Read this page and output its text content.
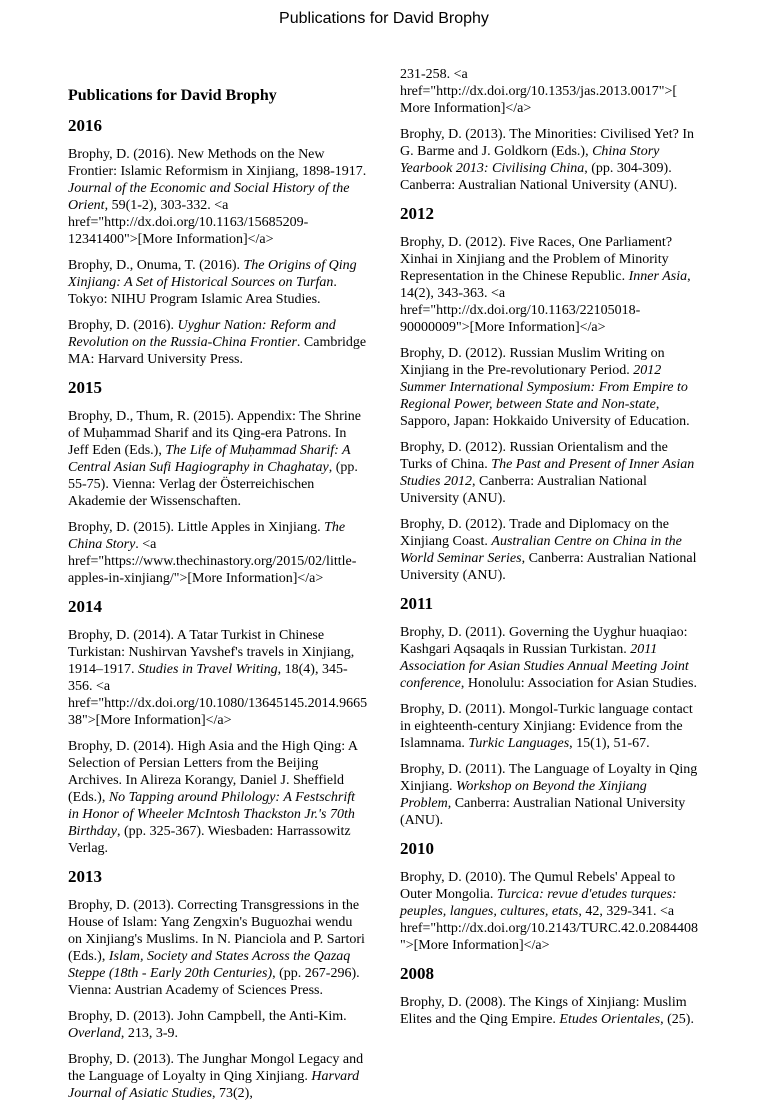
Publications for David Brophy
Publications for David Brophy
2016
Brophy, D. (2016). New Methods on the New Frontier: Islamic Reformism in Xinjiang, 1898-1917. Journal of the Economic and Social History of the Orient, 59(1-2), 303-332. <a href="http://dx.doi.org/10.1163/15685209-12341400">[More Information]</a>
Brophy, D., Onuma, T. (2016). The Origins of Qing Xinjiang: A Set of Historical Sources on Turfan. Tokyo: NIHU Program Islamic Area Studies.
Brophy, D. (2016). Uyghur Nation: Reform and Revolution on the Russia-China Frontier. Cambridge MA: Harvard University Press.
2015
Brophy, D., Thum, R. (2015). Appendix: The Shrine of Muḥammad Sharif and its Qing-era Patrons. In Jeff Eden (Eds.), The Life of Muḥammad Sharif: A Central Asian Sufi Hagiography in Chaghatay, (pp. 55-75). Vienna: Verlag der Österreichischen Akademie der Wissenschaften.
Brophy, D. (2015). Little Apples in Xinjiang. The China Story. <a href="https://www.thechinastory.org/2015/02/little-apples-in-xinjiang/">[More Information]</a>
2014
Brophy, D. (2014). A Tatar Turkist in Chinese Turkistan: Nushirvan Yavshef's travels in Xinjiang, 1914–1917. Studies in Travel Writing, 18(4), 345-356. <a href="http://dx.doi.org/10.1080/13645145.2014.966538">[More Information]</a>
Brophy, D. (2014). High Asia and the High Qing: A Selection of Persian Letters from the Beijing Archives. In Alireza Korangy, Daniel J. Sheffield (Eds.), No Tapping around Philology: A Festschrift in Honor of Wheeler McIntosh Thackston Jr.'s 70th Birthday, (pp. 325-367). Wiesbaden: Harrassowitz Verlag.
2013
Brophy, D. (2013). Correcting Transgressions in the House of Islam: Yang Zengxin's Buguozhai wendu on Xinjiang's Muslims. In N. Pianciola and P. Sartori (Eds.), Islam, Society and States Across the Qazaq Steppe (18th - Early 20th Centuries), (pp. 267-296). Vienna: Austrian Academy of Sciences Press.
Brophy, D. (2013). John Campbell, the Anti-Kim. Overland, 213, 3-9.
Brophy, D. (2013). The Junghar Mongol Legacy and the Language of Loyalty in Qing Xinjiang. Harvard Journal of Asiatic Studies, 73(2),
231-258. <a href="http://dx.doi.org/10.1353/jas.2013.0017">[ More Information]</a>
Brophy, D. (2013). The Minorities: Civilised Yet? In G. Barme and J. Goldkorn (Eds.), China Story Yearbook 2013: Civilising China, (pp. 304-309). Canberra: Australian National University (ANU).
2012
Brophy, D. (2012). Five Races, One Parliament? Xinhai in Xinjiang and the Problem of Minority Representation in the Chinese Republic. Inner Asia, 14(2), 343-363. <a href="http://dx.doi.org/10.1163/22105018-90000009">[More Information]</a>
Brophy, D. (2012). Russian Muslim Writing on Xinjiang in the Pre-revolutionary Period. 2012 Summer International Symposium: From Empire to Regional Power, between State and Non-state, Sapporo, Japan: Hokkaido University of Education.
Brophy, D. (2012). Russian Orientalism and the Turks of China. The Past and Present of Inner Asian Studies 2012, Canberra: Australian National University (ANU).
Brophy, D. (2012). Trade and Diplomacy on the Xinjiang Coast. Australian Centre on China in the World Seminar Series, Canberra: Australian National University (ANU).
2011
Brophy, D. (2011). Governing the Uyghur huaqiao: Kashgari Aqsaqals in Russian Turkistan. 2011 Association for Asian Studies Annual Meeting Joint conference, Honolulu: Association for Asian Studies.
Brophy, D. (2011). Mongol-Turkic language contact in eighteenth-century Xinjiang: Evidence from the Islamnama. Turkic Languages, 15(1), 51-67.
Brophy, D. (2011). The Language of Loyalty in Qing Xinjiang. Workshop on Beyond the Xinjiang Problem, Canberra: Australian National University (ANU).
2010
Brophy, D. (2010). The Qumul Rebels' Appeal to Outer Mongolia. Turcica: revue d'etudes turques: peuples, langues, cultures, etats, 42, 329-341. <a href="http://dx.doi.org/10.2143/TURC.42.0.2084408">[More Information]</a>
2008
Brophy, D. (2008). The Kings of Xinjiang: Muslim Elites and the Qing Empire. Etudes Orientales, (25).
